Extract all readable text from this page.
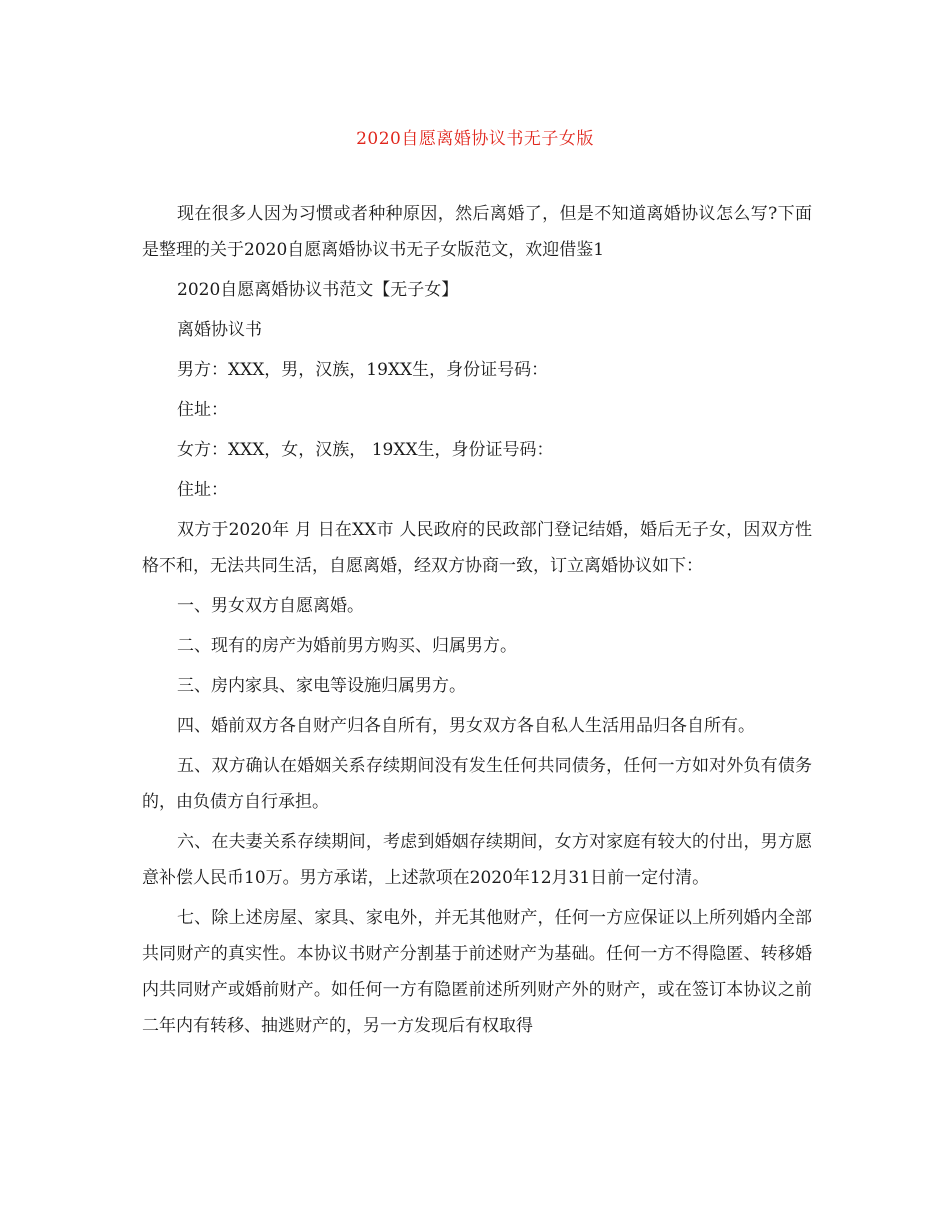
2020自愿离婚协议书无子女版

现在很多人因为习惯或者种种原因，然后离婚了，但是不知道离婚协议怎么写?下面是整理的关于2020自愿离婚协议书无子女版范文，欢迎借鉴1

2020自愿离婚协议书范文【无子女】

离婚协议书

男方：XXX，男，汉族，19XX生，身份证号码：

住址：

女方：XXX，女，汉族， 19XX生，身份证号码：

住址：

双方于2020年 月 日在XX市 人民政府的民政部门登记结婚，婚后无子女，因双方性格不和，无法共同生活，自愿离婚，经双方协商一致，订立离婚协议如下：

一、男女双方自愿离婚。

二、现有的房产为婚前男方购买、归属男方。

三、房内家具、家电等设施归属男方。

四、婚前双方各自财产归各自所有，男女双方各自私人生活用品归各自所有。

五、双方确认在婚姻关系存续期间没有发生任何共同债务，任何一方如对外负有债务的，由负债方自行承担。

六、在夫妻关系存续期间，考虑到婚姻存续期间，女方对家庭有较大的付出，男方愿意补偿人民币10万。男方承诺，上述款项在2020年12月31日前一定付清。

七、除上述房屋、家具、家电外，并无其他财产，任何一方应保证以上所列婚内全部共同财产的真实性。本协议书财产分割基于前述财产为基础。任何一方不得隐匿、转移婚内共同财产或婚前财产。如任何一方有隐匿前述所列财产外的财产，或在签订本协议之前二年内有转移、抽逃财产的，另一方发现后有权取得
